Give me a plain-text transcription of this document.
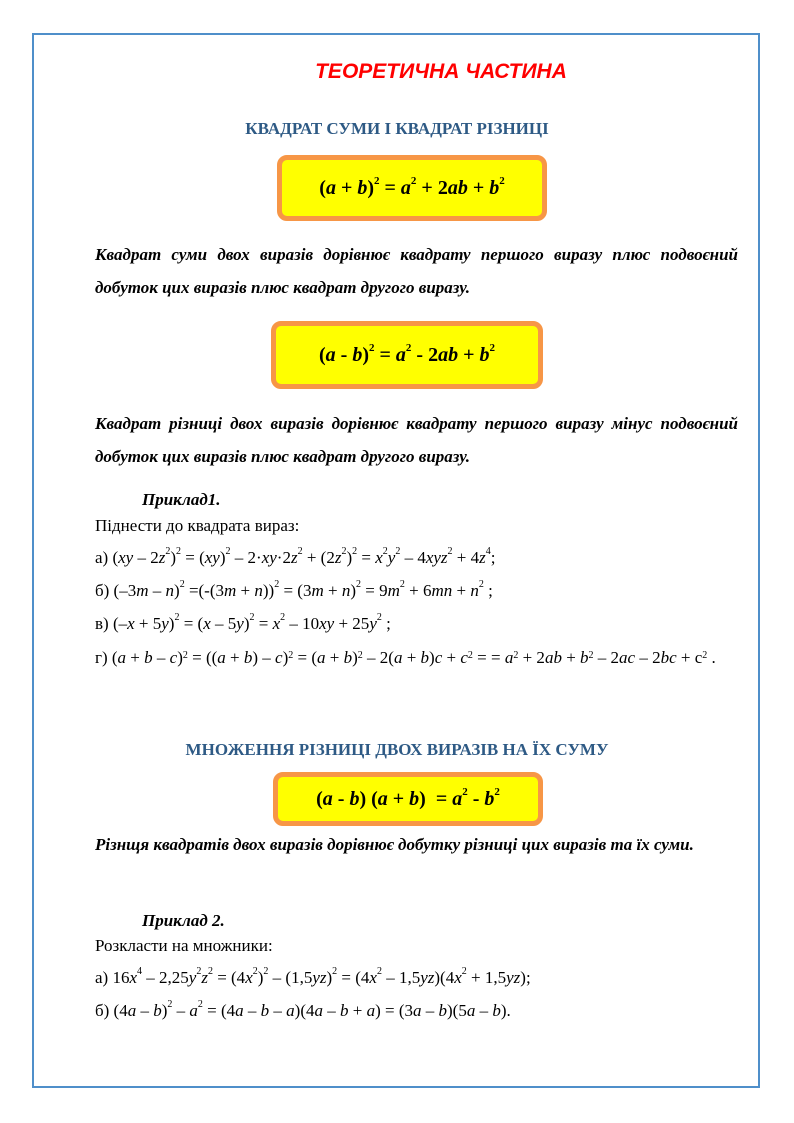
ТЕОРЕТИЧНА ЧАСТИНА
КВАДРАТ СУМИ І КВАДРАТ РІЗНИЦІ
$(a + b)^2 = a^2 + 2ab + b^2$
Квадрат суми двох виразів дорівнює квадрату першого виразу плюс подвоєний добуток цих виразів плюс квадрат другого виразу.
$(a - b)^2 = a^2 - 2ab + b^2$
Квадрат різниці двох виразів дорівнює квадрату першого виразу мінус подвоєний добуток цих виразів плюс квадрат другого виразу.
Приклад1.
Піднести до квадрата вираз:
а) $(xy - 2z^2)^2 = (xy)^2 - 2\cdot xy\cdot 2z^2 + (2z^2)^2 = x^2y^2 - 4xyz^2 + 4z^4$;
б) $(-3m - n)^2 =(-(3m + n))^2 = (3m + n)^2 = 9m^2 + 6mn + n^2$ ;
в) $(-x + 5y)^2 = (x - 5y)^2 = x^2 - 10xy + 25y^2$ ;
г) $(a + b - c)^2 = ((a + b) - c)^2 = (a + b)^2 - 2(a + b)c + c^2$ = = $a^2 + 2ab + b^2 - 2ac - 2bc + c^2$ .
МНОЖЕННЯ РІЗНИЦІ ДВОХ ВИРАЗІВ НА ЇХ СУМУ
(a - b) $(a + b) = a^2 - b^2$
Різнщя квадратів двох виразів дорівнює добутку різниці цих виразів та їх суми.
Приклад 2.
Розкласти на множники:
а) $16x^4 - 2,25y^2z^2 = (4x^2)^2 - (1,5yz)^2 = (4x^2 - 1,5yz)(4x^2 + 1,5yz)$;
б) $(4a - b)^2 - a^2 = (4a - b - a)(4a - b + a) = (3a - b)(5a - b)$.
